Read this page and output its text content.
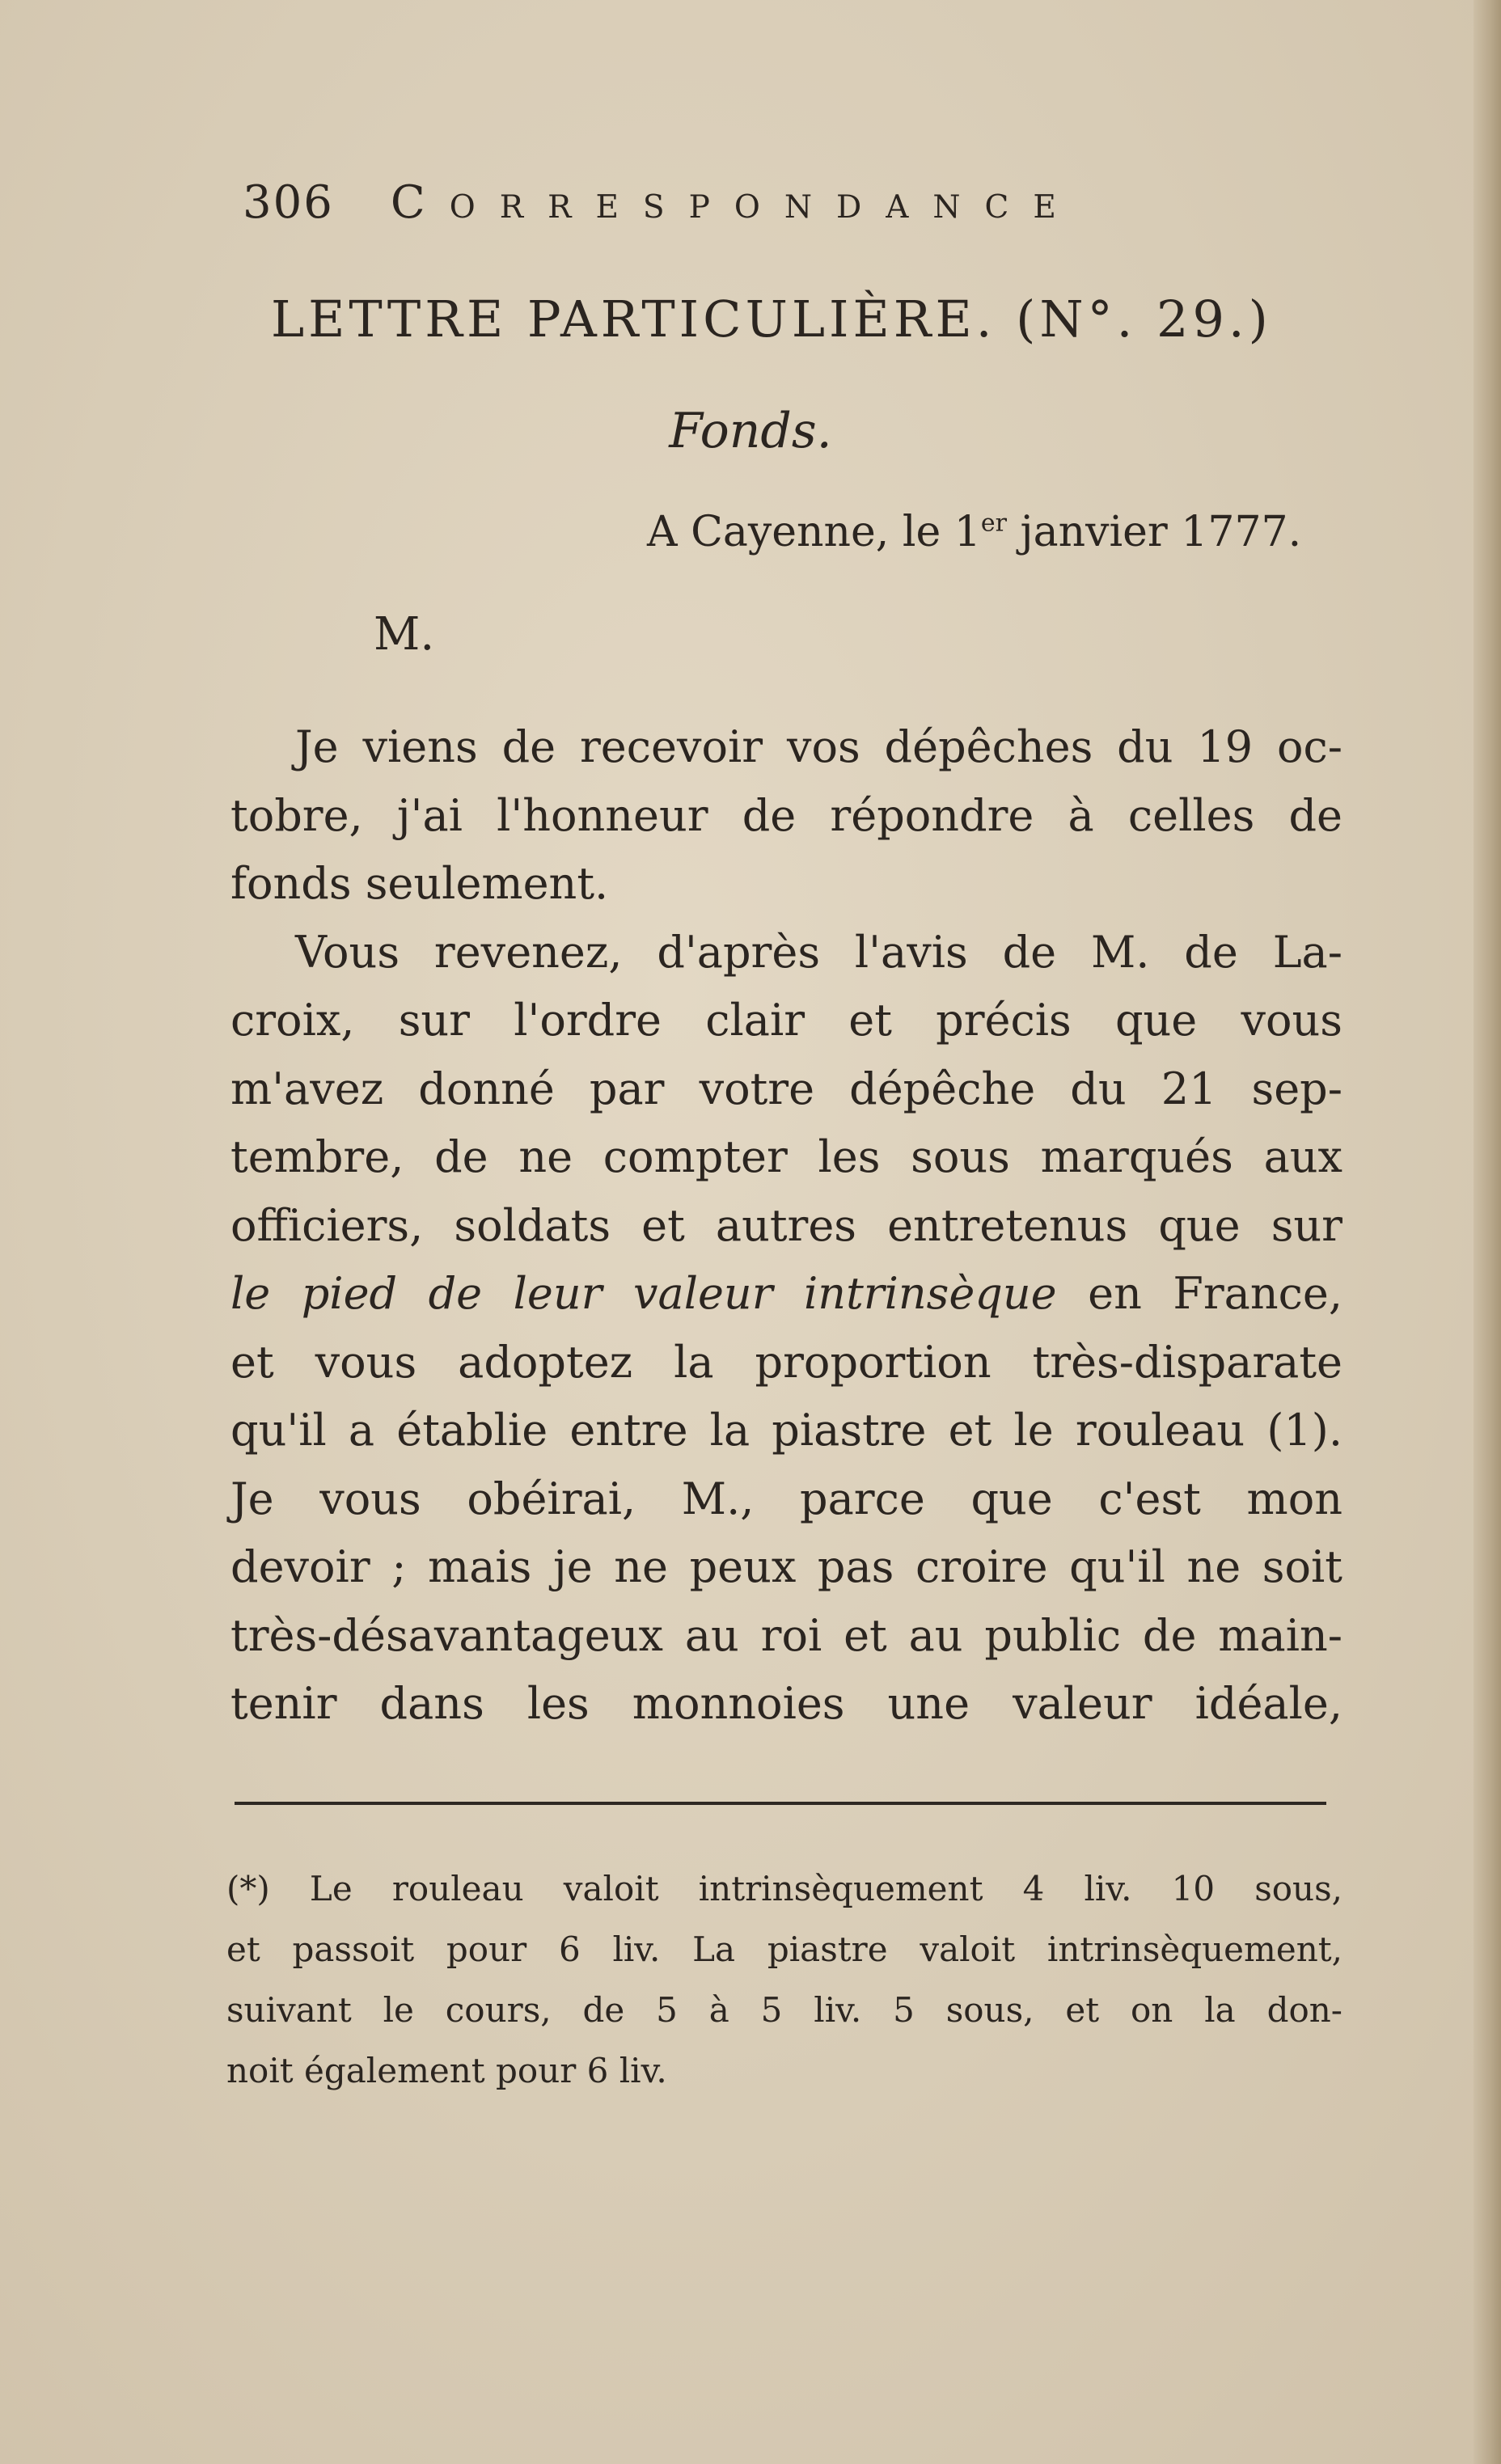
306 Correspondance
LETTRE PARTICULIÈRE. (N°. 29.)
Fonds.
A Cayenne, le 1er janvier 1777.
M.
Je viens de recevoir vos dépêches du 19 oc-
tobre, j'ai l'honneur de répondre à celles de
fonds seulement.
Vous revenez, d'après l'avis de M. de La-
croix, sur l'ordre clair et précis que vous
m'avez donné par votre dépêche du 21 sep-
tembre, de ne compter les sous marqués aux
officiers, soldats et autres entretenus que sur
le pied de leur valeur intrinsèque en France,
et vous adoptez la proportion très-disparate
qu'il a établie entre la piastre et le rouleau (1).
Je vous obéirai, M., parce que c'est mon
devoir ; mais je ne peux pas croire qu'il ne soit
très-désavantageux au roi et au public de main-
tenir dans les monnoies une valeur idéale,
(*) Le rouleau valoit intrinsèquement 4 liv. 10 sous,
et passoit pour 6 liv. La piastre valoit intrinsèquement,
suivant le cours, de 5 à 5 liv. 5 sous, et on la don-
noit également pour 6 liv.
